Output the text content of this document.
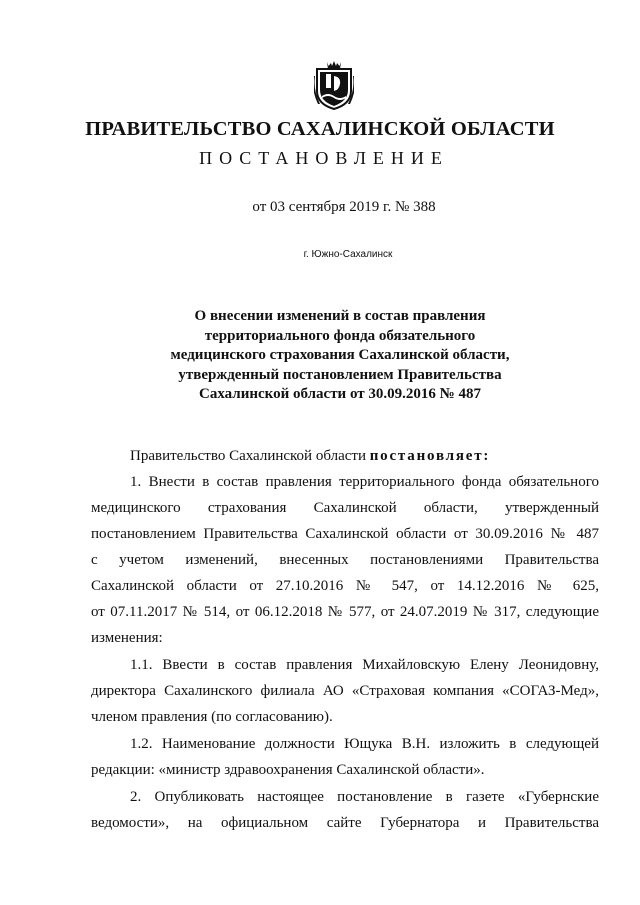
ПРАВИТЕЛЬСТВО САХАЛИНСКОЙ ОБЛАСТИ
ПОСТАНОВЛЕНИЕ
от 03 сентября 2019 г. № 388
г. Южно-Сахалинск
О внесении изменений в состав правления
территориального фонда обязательного
медицинского страхования Сахалинской области,
утвержденный постановлением Правительства
Сахалинской области от 30.09.2016 № 487
Правительство Сахалинской области постановляет:
1. Внести в состав правления территориального фонда обязательного
медицинского страхования Сахалинской области, утвержденный
постановлением Правительства Сахалинской области от 30.09.2016 № 487
с учетом изменений, внесенных постановлениями Правительства
Сахалинской области от 27.10.2016 № 547, от 14.12.2016 № 625,
от 07.11.2017 № 514, от 06.12.2018 № 577, от 24.07.2019 № 317, следующие
изменения:
1.1. Ввести в состав правления Михайловскую Елену Леонидовну,
директора Сахалинского филиала АО «Страховая компания «СОГАЗ-Мед»,
членом правления (по согласованию).
1.2. Наименование должности Ющука В.Н. изложить в следующей
редакции: «министр здравоохранения Сахалинской области».
2. Опубликовать настоящее постановление в газете «Губернские
ведомости», на официальном сайте Губернатора и Правительства
